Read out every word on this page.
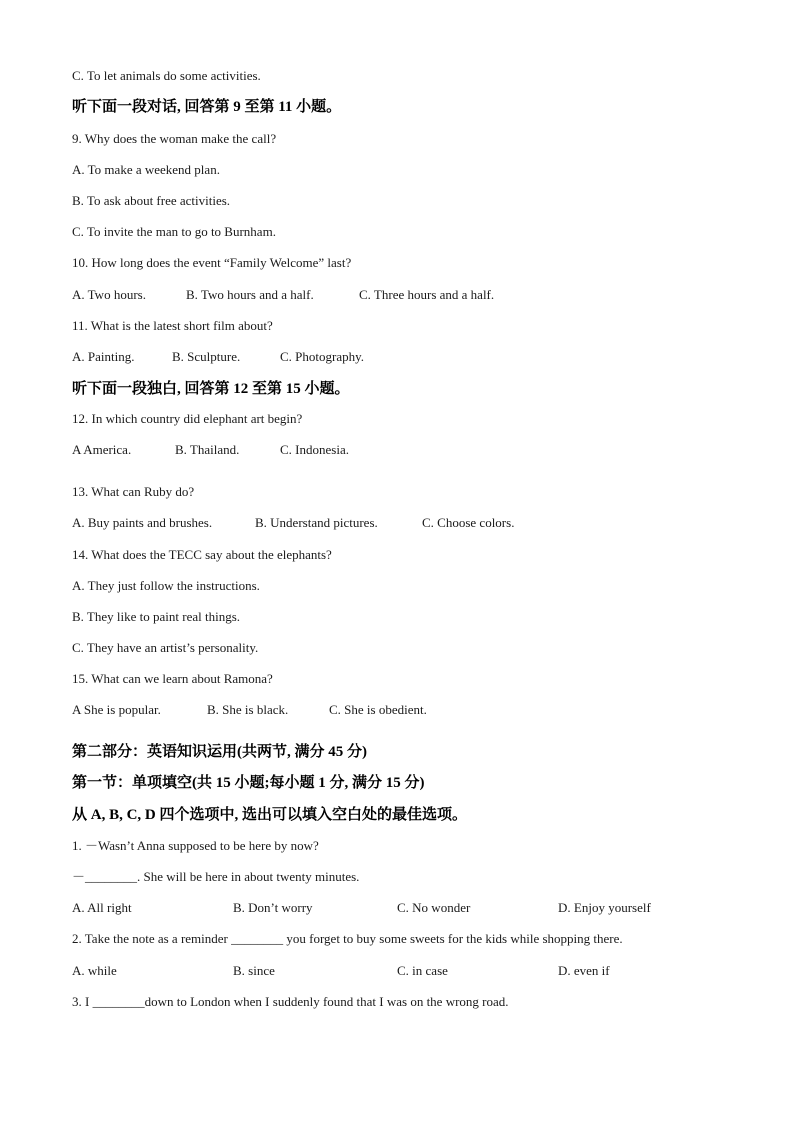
C. To let animals do some activities.
听下面一段对话, 回答第 9 至第 11 小题。
9. Why does the woman make the call?
A. To make a weekend plan.
B. To ask about free activities.
C. To invite the man to go to Burnham.
10. How long does the event “Family Welcome” last?
A. Two hours.	B. Two hours and a half.	C. Three hours and a half.
11. What is the latest short film about?
A. Painting.	B. Sculpture.	C. Photography.
听下面一段独白, 回答第 12 至第 15 小题。
12. In which country did elephant art begin?
A America.	B. Thailand.	C. Indonesia.
13. What can Ruby do?
A. Buy paints and brushes.	B. Understand pictures.	C. Choose colors.
14. What does the TECC say about the elephants?
A. They just follow the instructions.
B. They like to paint real things.
C. They have an artist’s personality.
15. What can we learn about Ramona?
A She is popular.	B. She is black.	C. She is obedient.
第二部分：英语知识运用(共两节, 满分 45 分)
第一节：单项填空(共 15 小题;每小题 1 分, 满分 15 分)
从 A, B, C, D 四个选项中, 选出可以填入空白处的最佳选项。
1. －Wasn’t Anna supposed to be here by now?
－________. She will be here in about twenty minutes.
A. All right	B. Don’t worry	C. No wonder	D. Enjoy yourself
2. Take the note as a reminder ________ you forget to buy some sweets for the kids while shopping there.
A. while	B. since	C. in case	D. even if
3. I ________down to London when I suddenly found that I was on the wrong road.
